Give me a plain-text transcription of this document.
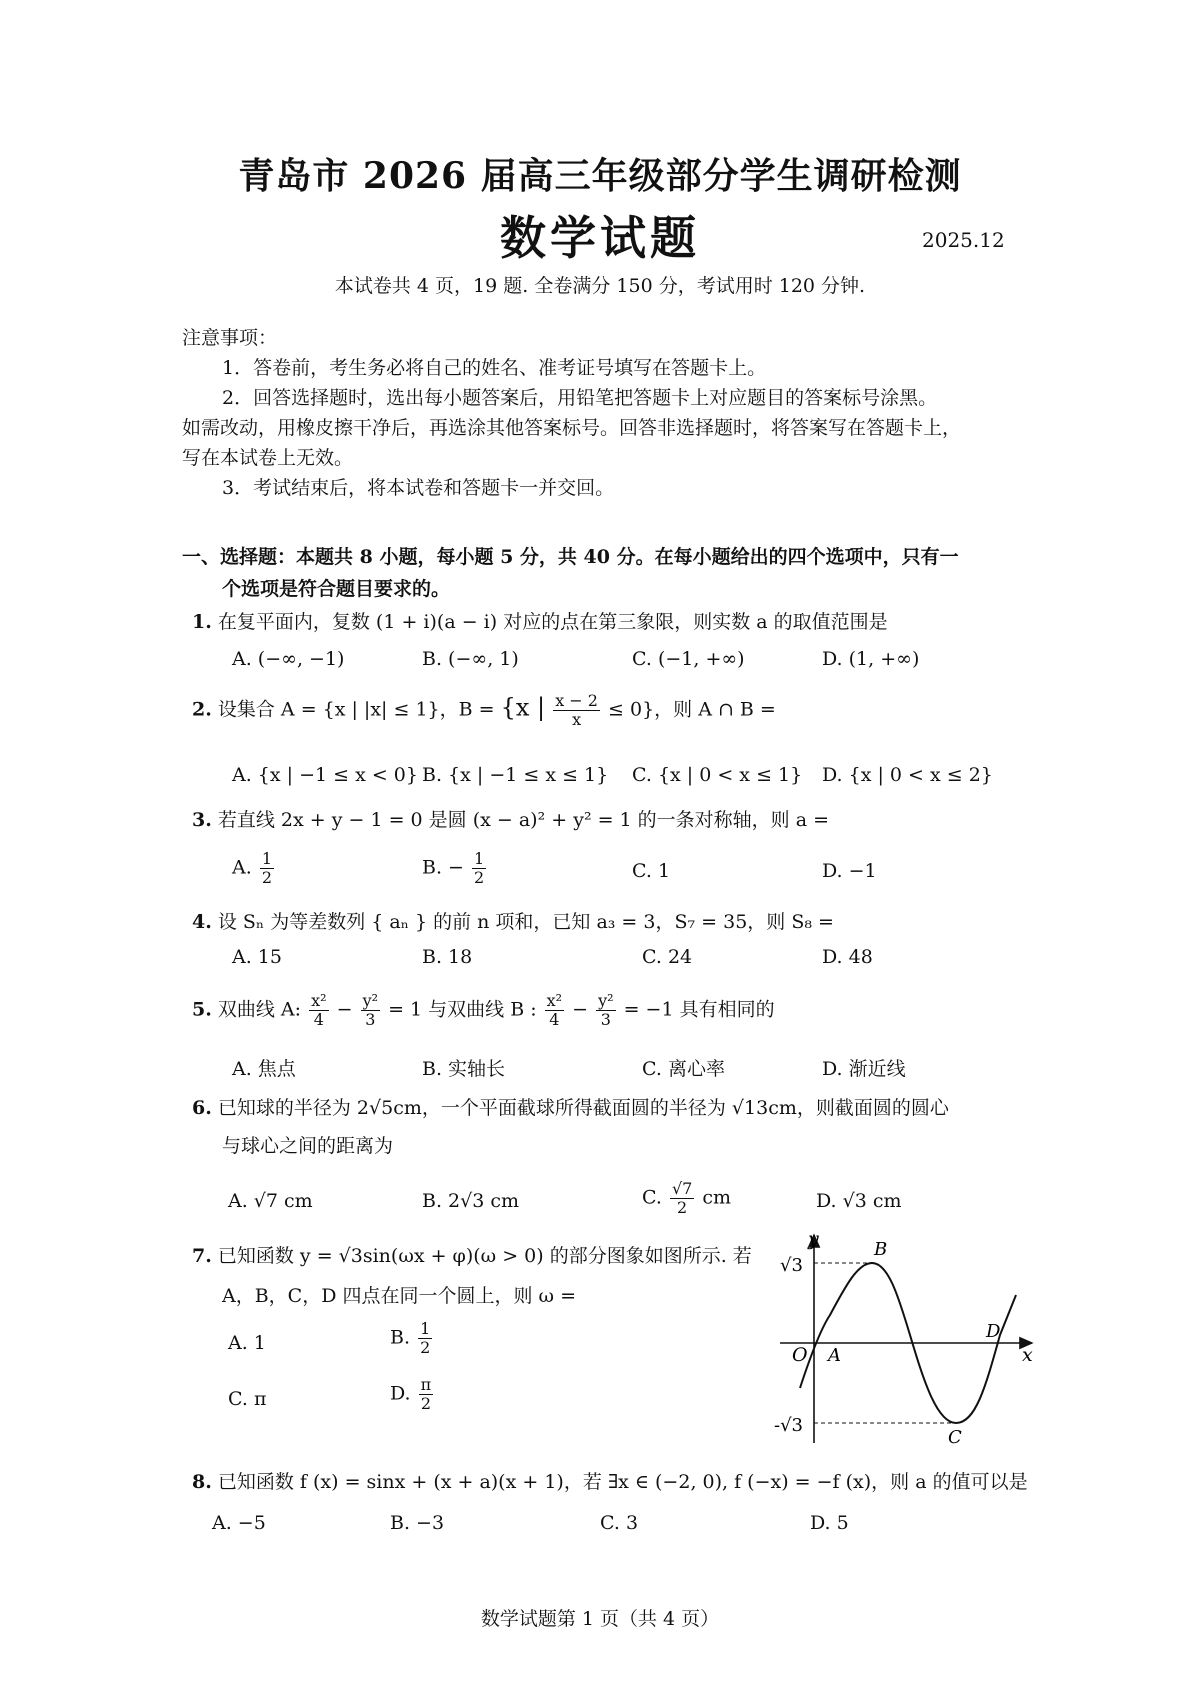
青岛市 2026 届高三年级部分学生调研检测
数学试题	2025.12
本试卷共 4 页，19 题. 全卷满分 150 分，考试用时 120 分钟.
注意事项：
1．答卷前，考生务必将自己的姓名、准考证号填写在答题卡上。
2．回答选择题时，选出每小题答案后，用铅笔把答题卡上对应题目的答案标号涂黑。
如需改动，用橡皮擦干净后，再选涂其他答案标号。回答非选择题时，将答案写在答题卡上，
写在本试卷上无效。
3．考试结束后，将本试卷和答题卡一并交回。
一、选择题：本题共 8 小题，每小题 5 分，共 40 分。在每小题给出的四个选项中，只有一
个选项是符合题目要求的。
1. 在复平面内，复数 (1 + i)(a − i) 对应的点在第三象限，则实数 a 的取值范围是
A. (−∞, −1)	B. (−∞, 1)	C. (−1, +∞)	D. (1, +∞)
2. 设集合 A = {x | |x| ≤ 1}，B = {x | $\frac{x - 2}{x} \le 0$}，则 A ∩ B =
A. {x | −1 ≤ x < 0} B. {x | −1 ≤ x ≤ 1} C. {x | 0 < x ≤ 1} D. {x | 0 < x ≤ 2}
3. 若直线 2x + y − 1 = 0 是圆 (x − a)² + y² = 1 的一条对称轴，则 a =
A. $\frac{1}{2}$	B. − $\frac{1}{2}$	C. 1	D. −1
4. 设 Sₙ 为等差数列 { aₙ } 的前 n 项和，已知 a₃ = 3，S₇ = 35，则 S₈ =
A. 15	B. 18	C. 24	D. 48
5. 双曲线 A: $\frac{\text{x²}}{4} - \frac{\text{y²}}{3} = 1$ 与双曲线 B : $\frac{\text{x²}}{4} - \frac{\text{y²}}{3} = -1$ 具有相同的
A. 焦点	B. 实轴长	C. 离心率	D. 渐近线
6. 已知球的半径为 2√5cm，一个平面截球所得截面圆的半径为 √13cm，则截面圆的圆心
与球心之间的距离为
A. √7 cm	B. 2√3 cm	C. $\frac{√7}{2}$ cm	D. √3 cm
7. 已知函数 y = √3sin(ωx + φ)(ω > 0) 的部分图象如图所示. 若
A，B，C，D 四点在同一个圆上，则 ω =
A. 1	B. $\frac{1}{2}$
C. π	D. $\frac{\pi}{2}$
y
x
O
√3
-√3
A
B
C
D
8. 已知函数 f (x) = sinx + (x + a)(x + 1)，若 ∃x ∈ (−2, 0), f (−x) = −f (x)，则 a 的值可以是
A. −5	B. −3	C. 3	D. 5
数学试题第 1 页（共 4 页）
